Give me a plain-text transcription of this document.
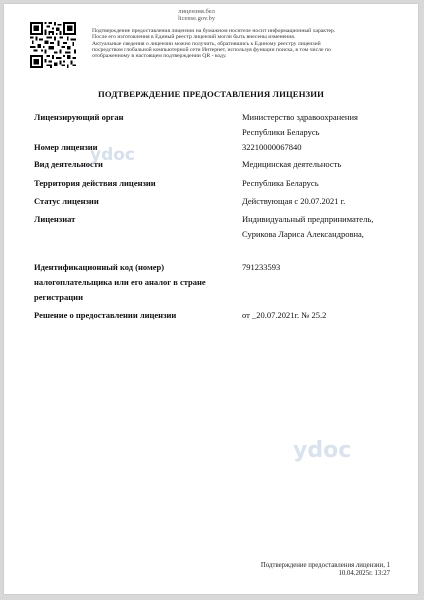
лицензия.бел
license.gov.by
Подтверждение предоставления лицензии на бумажном носителе носит информационный характер.
После его изготовления в Единый реестр лицензий могли быть внесены изменения.
Актуальные сведения о лицензии можно получить, обратившись к Единому реестру лицензий
посредством глобальной компьютерной сети Интернет, используя функции поиска, в том числе по
отображенному в настоящем подтверждении QR - коду.
ПОДТВЕРЖДЕНИЕ ПРЕДОСТАВЛЕНИЯ ЛИЦЕНЗИИ
Лицензирующий орган	Министерство здравоохранения Республики Беларусь
Номер лицензии	32210000067840
Вид деятельности	Медицинская деятельность
Территория действия лицензии	Республика Беларусь
Статус лицензии	Действующая с 20.07.2021 г.
Лицензиат	Индивидуальный предприниматель, Сурикова Лариса Александровна,
Идентификационный код (номер) налогоплательщика или его аналог в стране регистрации
791233593
Решение о предоставлении лицензии	от _20.07.2021г. № 25.2
ydoc
ydoc
Подтверждение предоставления лицензии, 1
10.04.2025г. 13:27
